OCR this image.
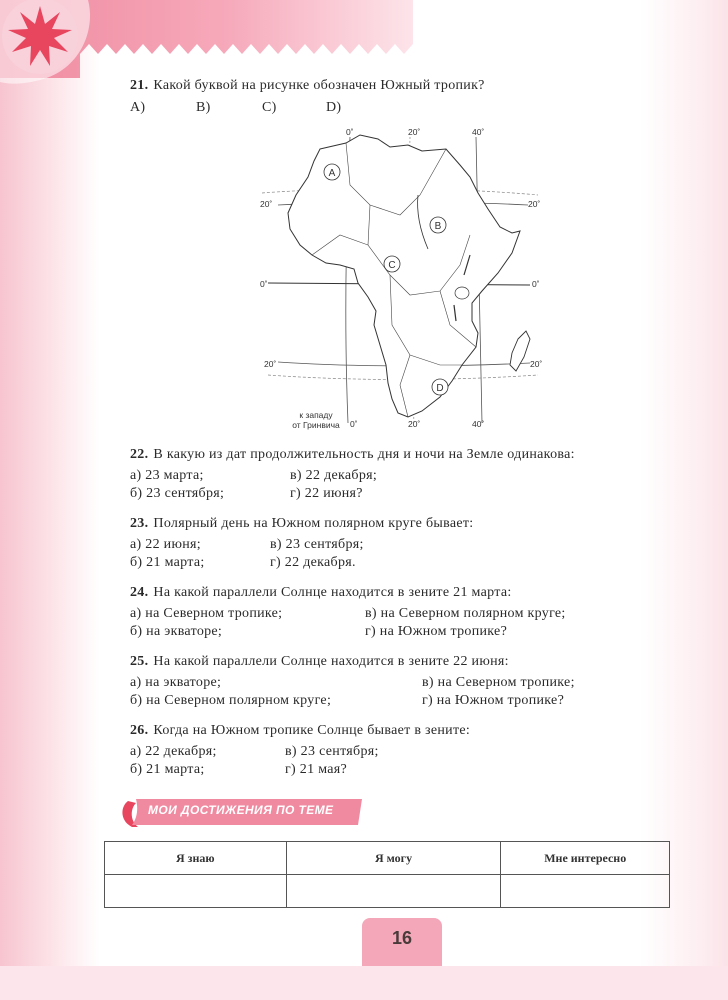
21. Какой буквой на рисунке обозначен Южный тропик?
А)	В)	С)	D)
A
B
C
D
0˚	20˚	40˚
0˚	20˚	40˚
20˚
0˚
20˚
20˚
0˚
20˚
к западу
от Гринвича
22. В какую из дат продолжительность дня и ночи на Земле одинакова:
а) 23 марта;	в) 22 декабря;
б) 23 сентября;	г) 22 июня?
23. Полярный день на Южном полярном круге бывает:
а) 22 июня;	в) 23 сентября;
б) 21 марта;	г) 22 декабря.
24. На какой параллели Солнце находится в зените 21 марта:
а) на Северном тропике;	в) на Северном полярном круге;
б) на экваторе;	г) на Южном тропике?
25. На какой параллели Солнце находится в зените 22 июня:
а) на экваторе;	в) на Северном тропике;
б) на Северном полярном круге;	г) на Южном тропике?
26. Когда на Южном тропике Солнце бывает в зените:
а) 22 декабря;	в) 23 сентября;
б) 21 марта;	г) 21 мая?
МОИ ДОСТИЖЕНИЯ ПО ТЕМЕ
Я знаю	Я могу	Мне интересно

16
